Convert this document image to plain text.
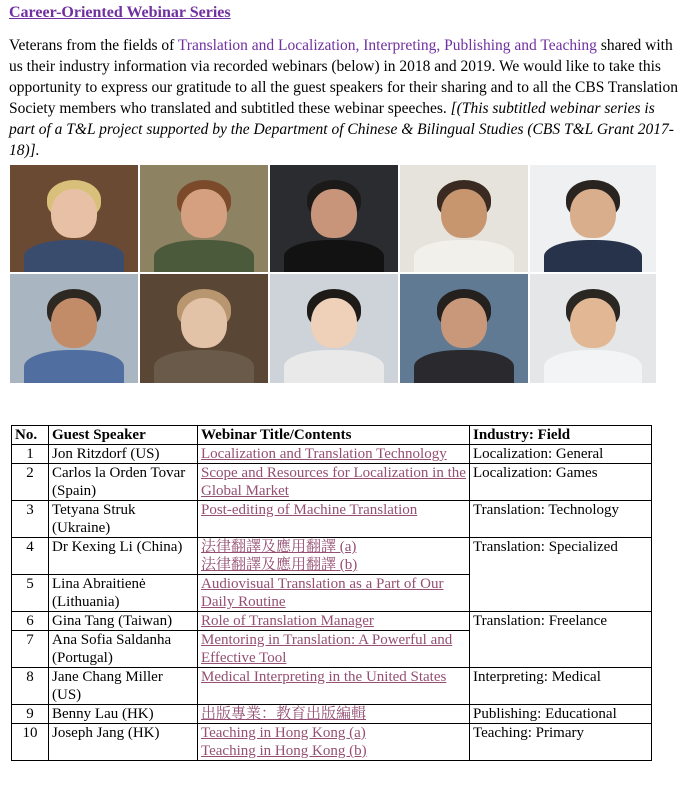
Career-Oriented Webinar Series
Veterans from the fields of Translation and Localization, Interpreting, Publishing and Teaching shared with us their industry information via recorded webinars (below) in 2018 and 2019. We would like to take this opportunity to express our gratitude to all the guest speakers for their sharing and to all the CBS Translation Society members who translated and subtitled these webinar speeches. [(This subtitled webinar series is part of a T&L project supported by the Department of Chinese & Bilingual Studies (CBS T&L Grant 2017-18)].
No.	Guest Speaker	Webinar Title/Contents	Industry: Field
1	Jon Ritzdorf (US)	Localization and Translation Technology	Localization: General
2	Carlos la Orden Tovar (Spain)	Scope and Resources for Localization in the Global Market	Localization: Games
3	Tetyana Struk (Ukraine)	Post-editing of Machine Translation	Translation: Technology
4	Dr Kexing Li (China)	法律翻譯及應用翻譯 (a)
法律翻譯及應用翻譯 (b)	Translation: Specialized
5	Lina Abraitienė (Lithuania)	Audiovisual Translation as a Part of Our Daily Routine	

6	Gina Tang (Taiwan)	Role of Translation Manager	Translation: Freelance
7	Ana Sofia Saldanha (Portugal)	Mentoring in Translation: A Powerful and Effective Tool	

8	Jane Chang Miller (US)	Medical Interpreting in the United States	Interpreting: Medical
9	Benny Lau (HK)	出版專業：教育出版編輯	Publishing: Educational
10	Joseph Jang (HK)	Teaching in Hong Kong (a)
Teaching in Hong Kong (b)	Teaching: Primary
